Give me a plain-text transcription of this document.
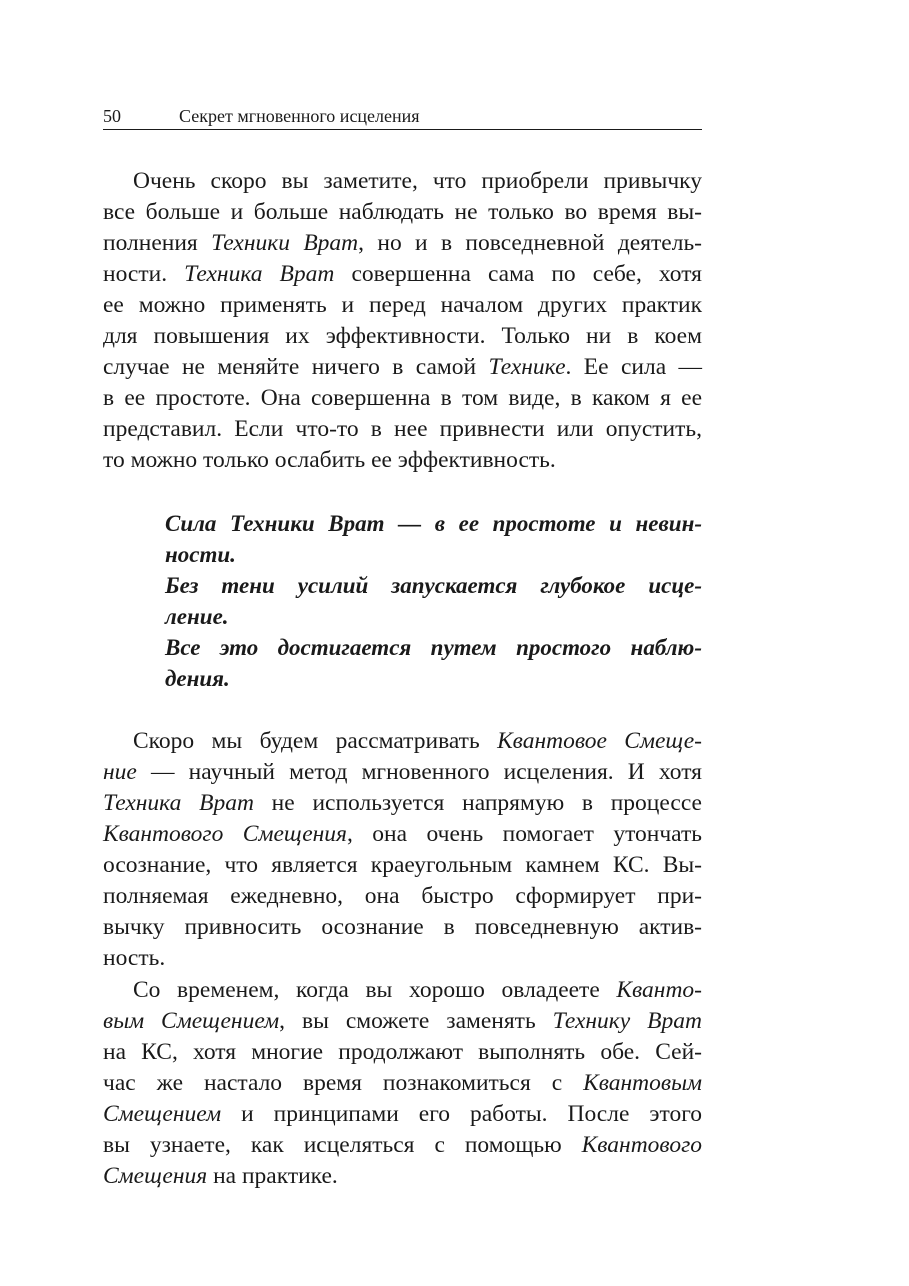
50	Секрет мгновенного исцеления
Очень скоро вы заметите, что приобрели привычку
все больше и больше наблюдать не только во время вы-
полнения Техники Врат, но и в повседневной деятель-
ности. Техника Врат совершенна сама по себе, хотя
ее можно применять и перед началом других практик
для повышения их эффективности. Только ни в коем
случае не меняйте ничего в самой Технике. Ее сила —
в ее простоте. Она совершенна в том виде, в каком я ее
представил. Если что-то в нее привнести или опустить,
то можно только ослабить ее эффективность.
Сила Техники Врат — в ее простоте и невин-
ности.
Без тени усилий запускается глубокое исце-
ление.
Все это достигается путем простого наблю-
дения.
Скоро мы будем рассматривать Квантовое Смеще-
ние — научный метод мгновенного исцеления. И хотя
Техника Врат не используется напрямую в процессе
Квантового Смещения, она очень помогает утончать
осознание, что является краеугольным камнем КС. Вы-
полняемая ежедневно, она быстро сформирует при-
вычку привносить осознание в повседневную актив-
ность.
Со временем, когда вы хорошо овладеете Кванто-
вым Смещением, вы сможете заменять Технику Врат
на КС, хотя многие продолжают выполнять обе. Сей-
час же настало время познакомиться с Квантовым
Смещением и принципами его работы. После этого
вы узнаете, как исцеляться с помощью Квантового
Смещения на практике.
